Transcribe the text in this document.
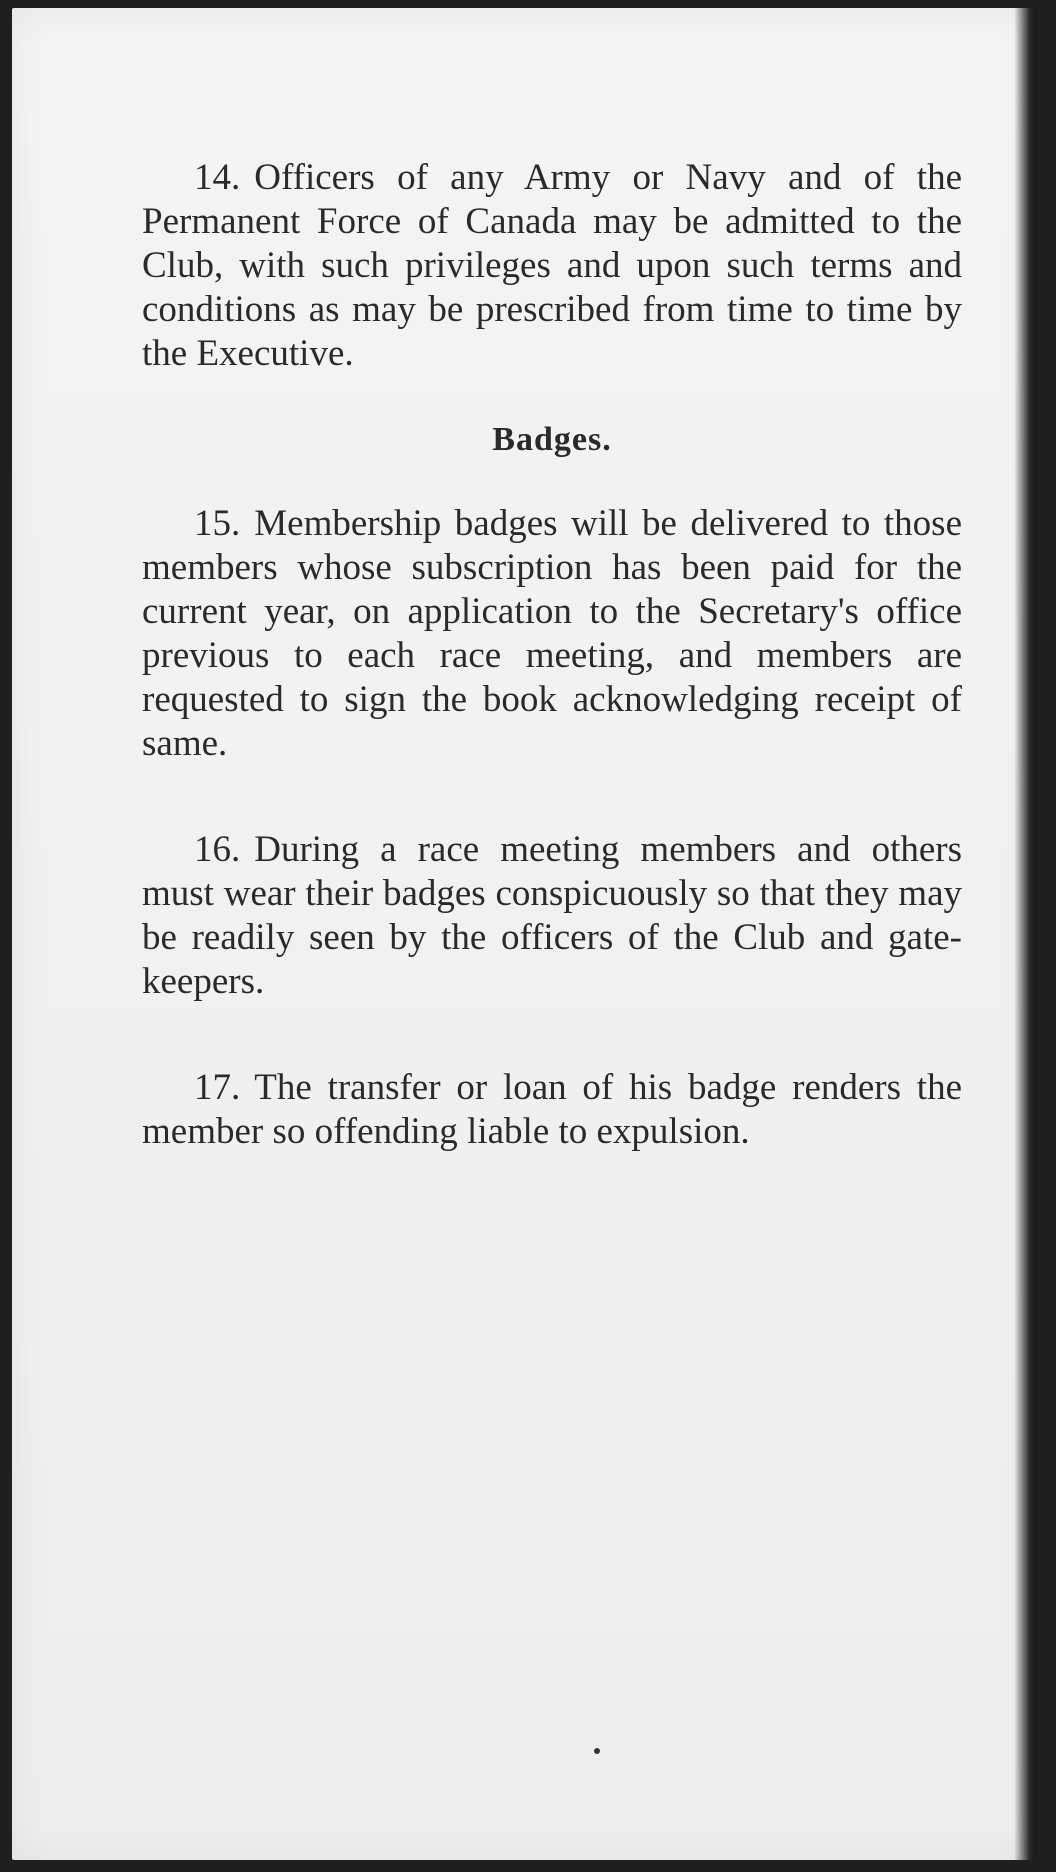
14. Officers of any Army or Navy and of the Permanent Force of Canada may be admitted to the Club, with such privileges and upon such terms and conditions as may be prescribed from time to time by the Executive.

Badges.

15. Membership badges will be delivered to those members whose subscription has been paid for the current year, on application to the Secretary's office previous to each race meeting, and members are requested to sign the book acknowledging receipt of same.

16. During a race meeting members and others must wear their badges conspicuously so that they may be readily seen by the officers of the Club and gate-keepers.

17. The transfer or loan of his badge renders the member so offending liable to expulsion.
